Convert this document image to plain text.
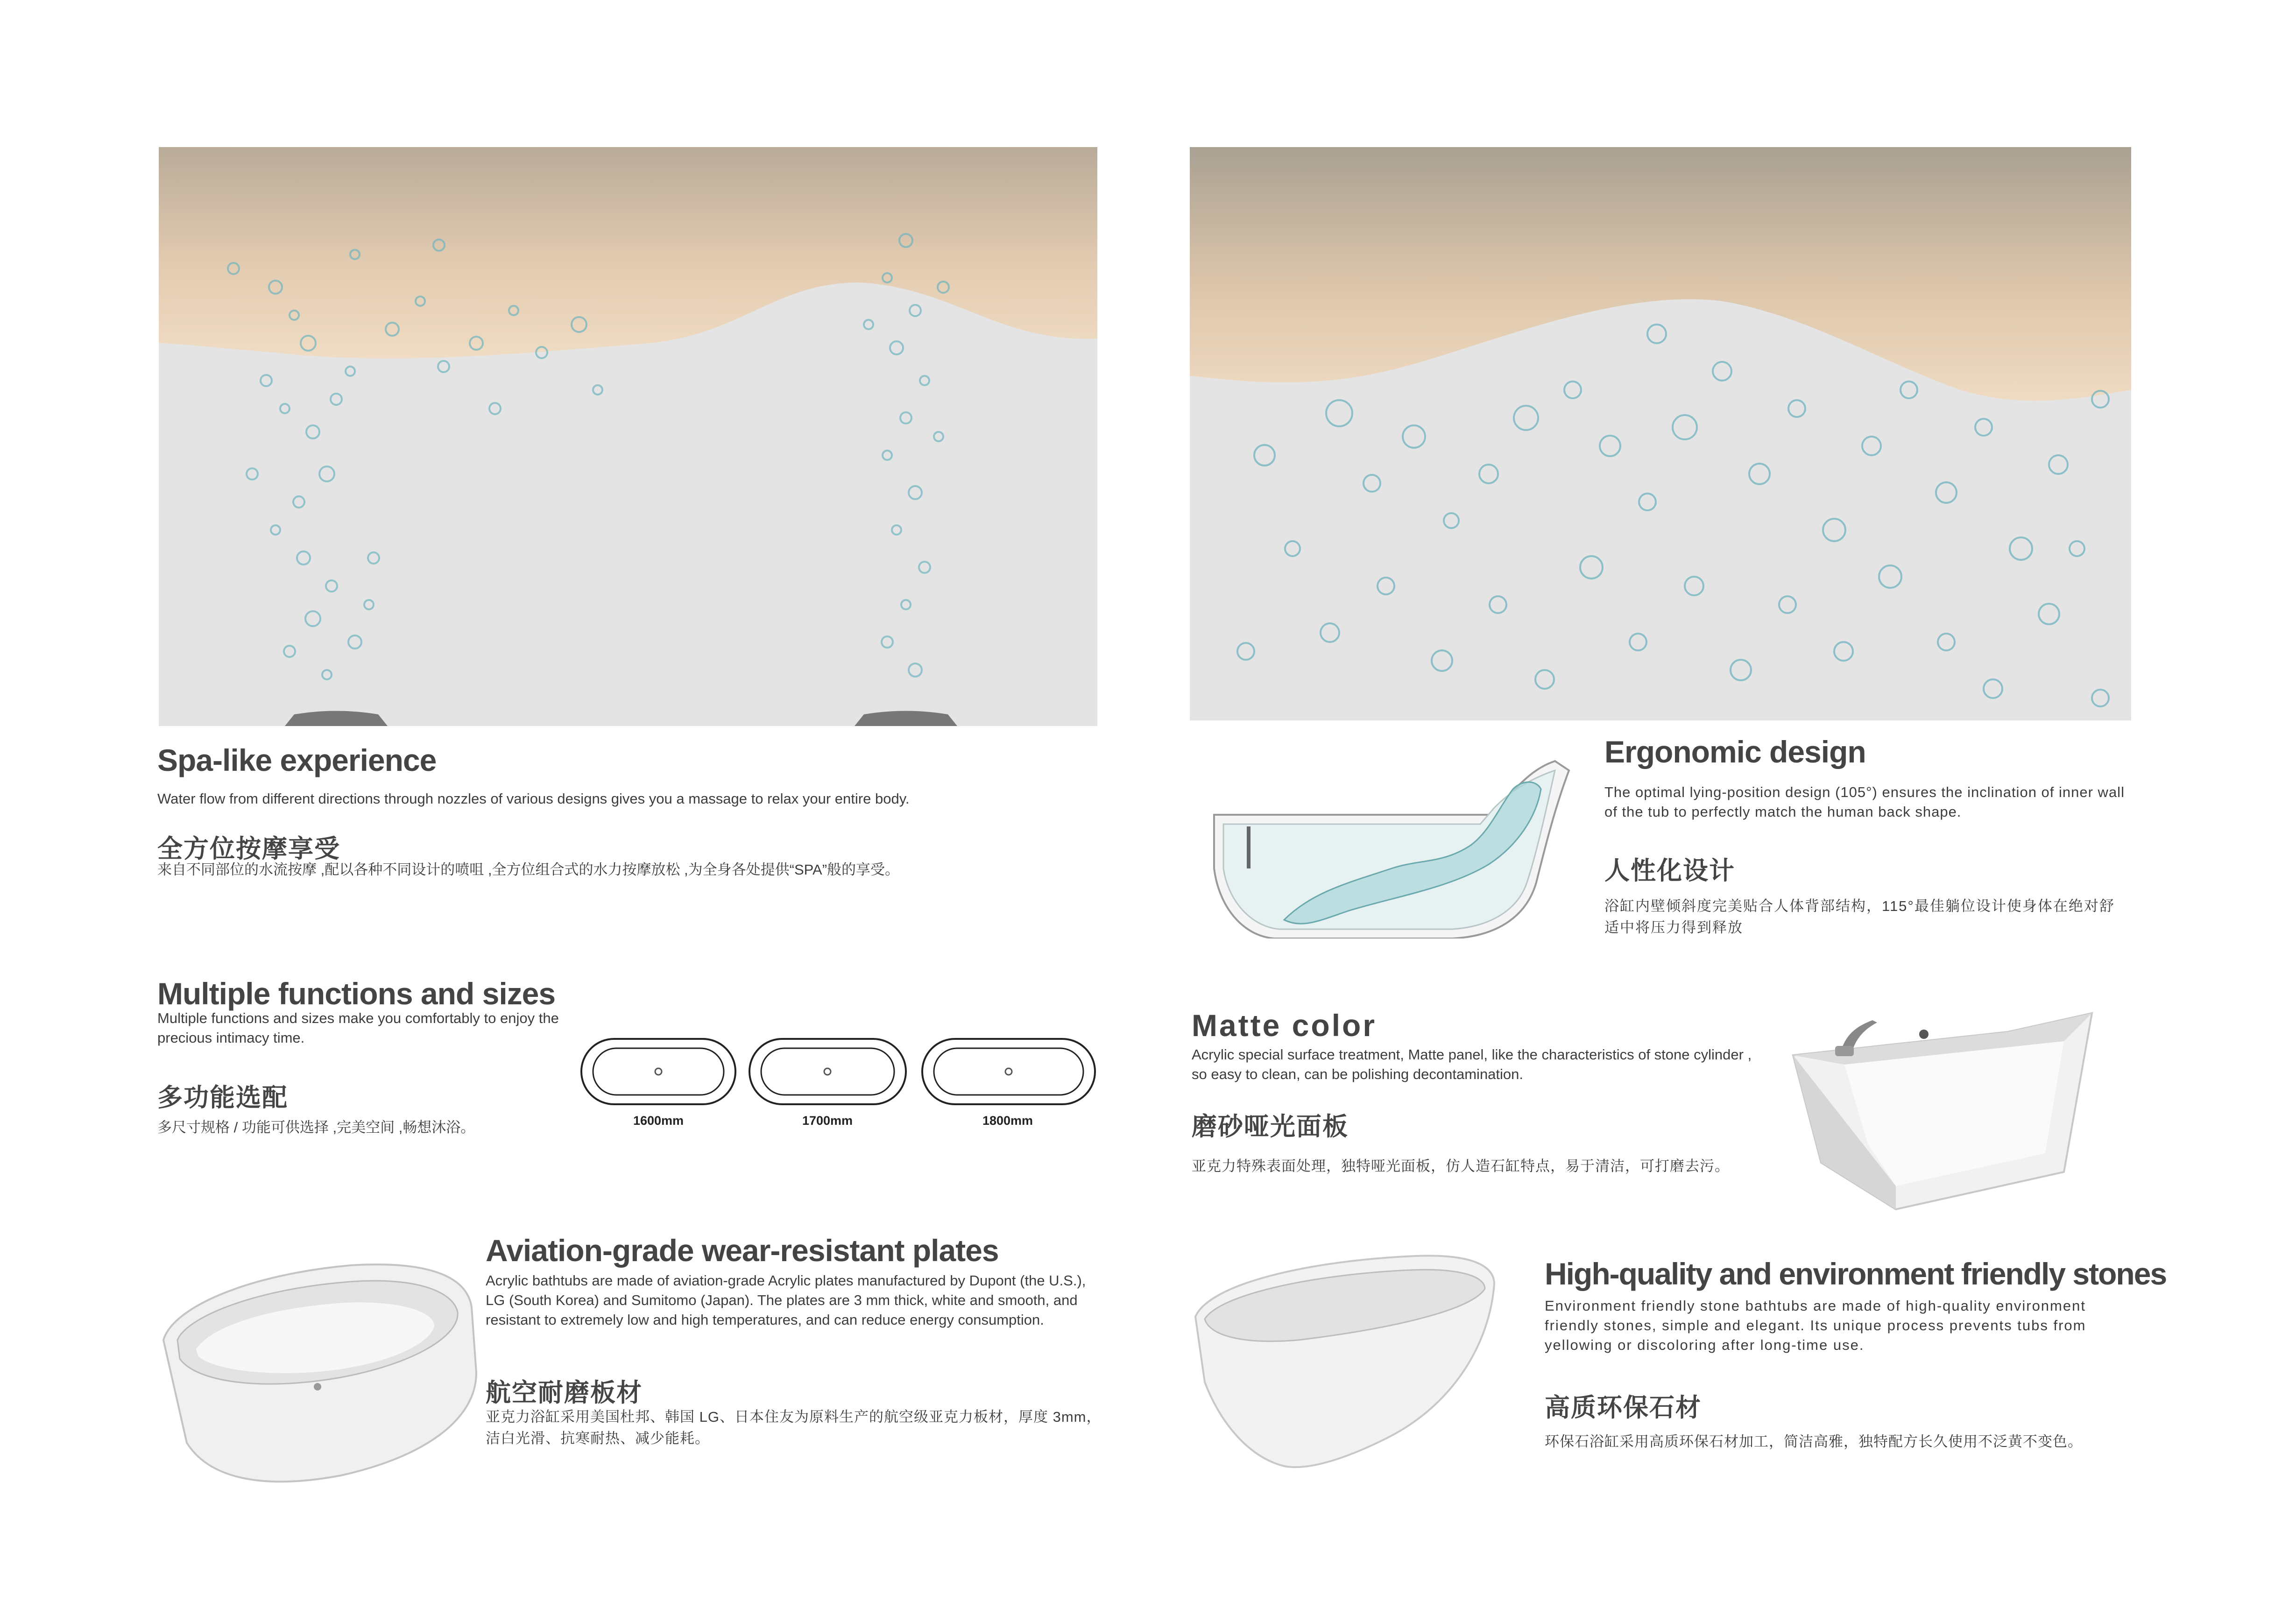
Spa-like experience
Water flow from different directions through nozzles of various designs gives you a massage to relax your entire body.
全方位按摩享受
来自不同部位的水流按摩 ,配以各种不同设计的喷咀 ,全方位组合式的水力按摩放松 ,为全身各处提供“SPA”般的享受。
Ergonomic design
The optimal lying-position design (105°) ensures the inclination of inner wall of the tub to perfectly match the human back shape.
人性化设计
浴缸内壁倾斜度完美贴合人体背部结构，115°最佳躺位设计使身体在绝对舒适中将压力得到释放
Multiple functions and sizes
Multiple functions and sizes make you comfortably to enjoy the precious intimacy time.
多功能选配
多尺寸规格 / 功能可供选择 ,完美空间 ,畅想沐浴。	1600mm	1700mm	1800mm
Matte color
Acrylic special surface treatment, Matte panel, like the characteristics of stone cylinder , so easy to clean, can be polishing decontamination.
磨砂哑光面板
亚克力特殊表面处理，独特哑光面板，仿人造石缸特点，易于清洁，可打磨去污。
Aviation-grade wear-resistant plates
Acrylic bathtubs are made of aviation-grade Acrylic plates manufactured by Dupont (the U.S.), LG (South Korea) and Sumitomo (Japan). The plates are 3 mm thick, white and smooth, and resistant to extremely low and high temperatures, and can reduce energy consumption.
航空耐磨板材
亚克力浴缸采用美国杜邦、韩国 LG、日本住友为原料生产的航空级亚克力板材，厚度 3mm，洁白光滑、抗寒耐热、减少能耗。
High-quality and environment friendly stones
Environment friendly stone bathtubs are made of high-quality environment friendly stones, simple and elegant. Its unique process prevents tubs from yellowing or discoloring after long-time use.
高质环保石材
环保石浴缸采用高质环保石材加工，简洁高雅，独特配方长久使用不泛黄不变色。
